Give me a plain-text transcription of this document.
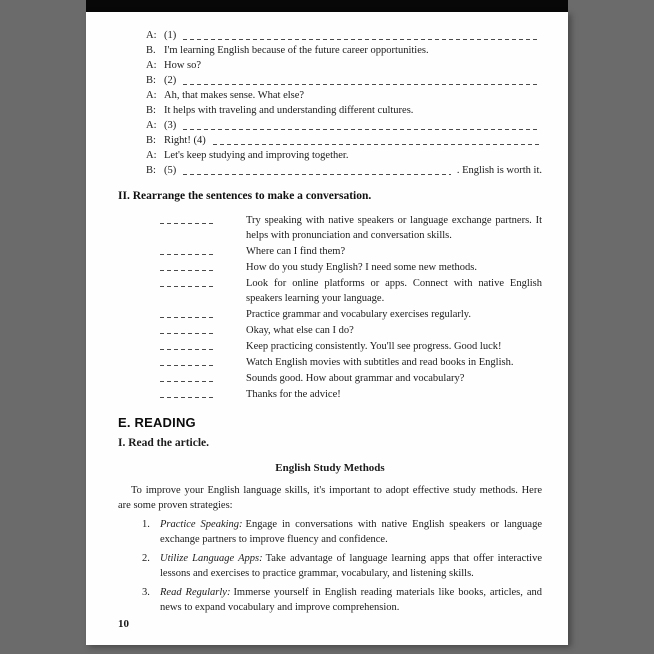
A: (1)
B. I'm learning English because of the future career opportunities.
A: How so?
B: (2)
A: Ah, that makes sense. What else?
B: It helps with traveling and understanding different cultures.
A: (3)
B: Right! (4)
A: Let's keep studying and improving together.
B: (5)	. English is worth it.
II. Rearrange the sentences to make a conversation.
Try speaking with native speakers or language exchange partners. It helps with pronunciation and conversation skills.
Where can I find them?
How do you study English? I need some new methods.
Look for online platforms or apps. Connect with native English speakers learning your language.
Practice grammar and vocabulary exercises regularly.
Okay, what else can I do?
Keep practicing consistently. You'll see progress. Good luck!
Watch English movies with subtitles and read books in English.
Sounds good. How about grammar and vocabulary?
Thanks for the advice!
E. READING
I. Read the article.
English Study Methods

To improve your English language skills, it's important to adopt effective study methods. Here are some proven strategies:

1. Practice Speaking: Engage in conversations with native English speakers or language exchange partners to improve fluency and confidence.
2. Utilize Language Apps: Take advantage of language learning apps that offer interactive lessons and exercises to practice grammar, vocabulary, and listening skills.
3. Read Regularly: Immerse yourself in English reading materials like books, articles, and news to expand vocabulary and improve comprehension.
10
